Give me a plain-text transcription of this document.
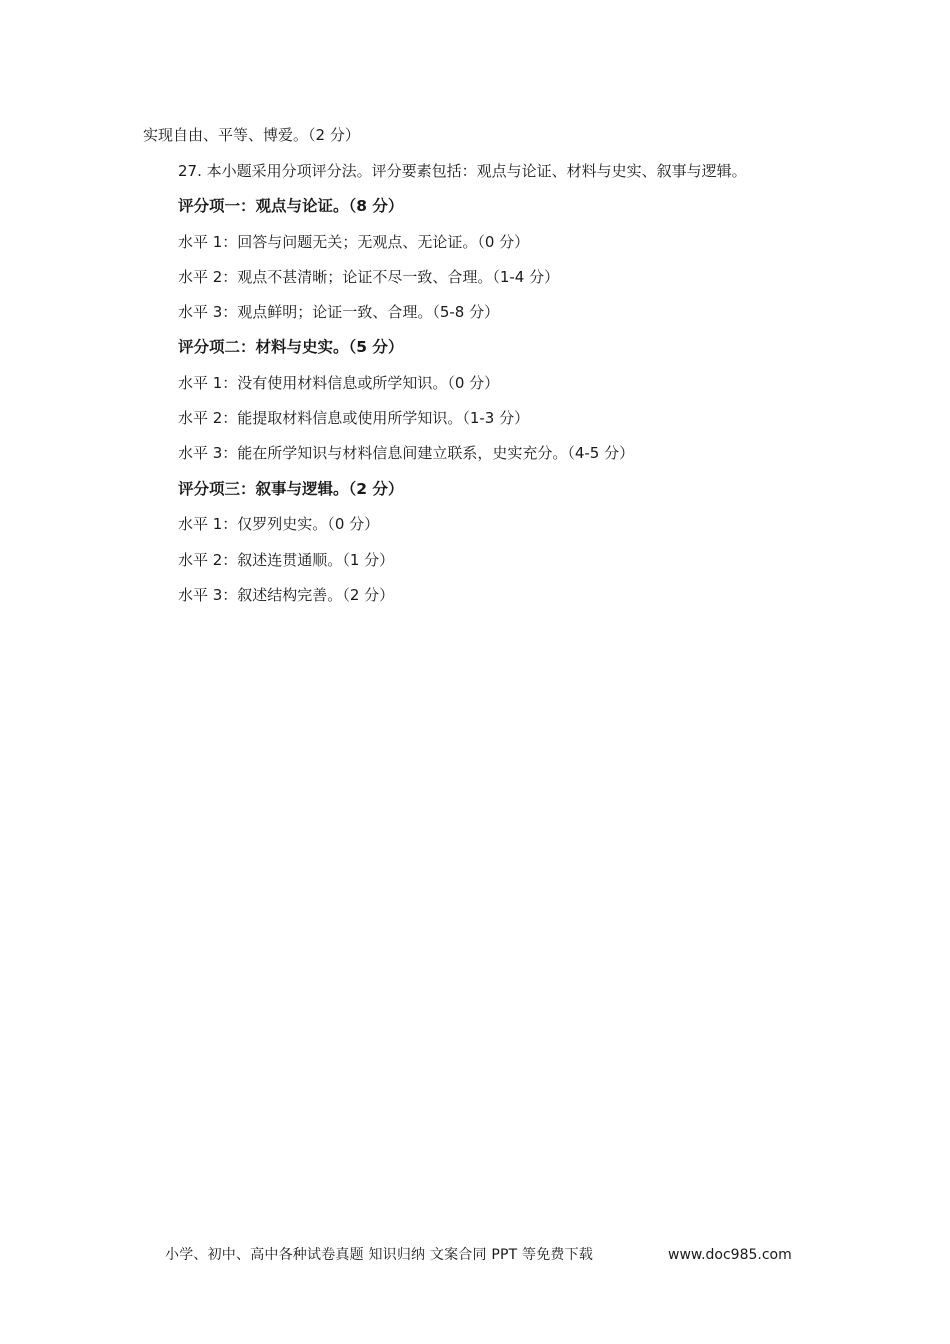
实现自由、平等、博爱。（2 分）
27. 本小题采用分项评分法。评分要素包括：观点与论证、材料与史实、叙事与逻辑。
评分项一：观点与论证。（8 分）
水平 1：回答与问题无关；无观点、无论证。（0 分）
水平 2：观点不甚清晰；论证不尽一致、合理。（1-4 分）
水平 3：观点鲜明；论证一致、合理。（5-8 分）
评分项二：材料与史实。（5 分）
水平 1：没有使用材料信息或所学知识。（0 分）
水平 2：能提取材料信息或使用所学知识。（1-3 分）
水平 3：能在所学知识与材料信息间建立联系，史实充分。（4-5 分）
评分项三：叙事与逻辑。（2 分）
水平 1：仅罗列史实。（0 分）
水平 2：叙述连贯通顺。（1 分）
水平 3：叙述结构完善。（2 分）
小学、初中、高中各种试卷真题 知识归纳 文案合同 PPT 等免费下载	www.doc985.com
